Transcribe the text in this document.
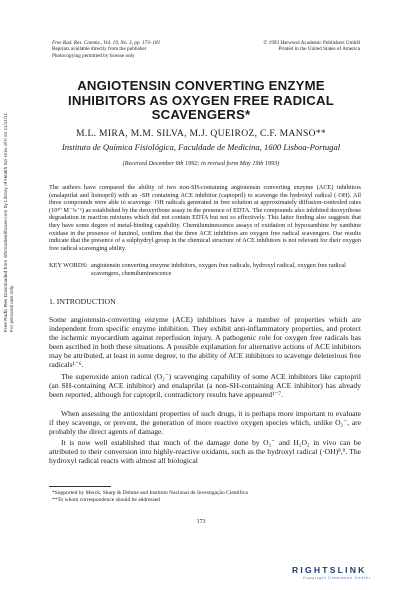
Free Rad. Res. Comms., Vol. 19, No. 3, pp. 173–181
Reprints available directly from the publisher
Photocopying permitted by license only
© 1993 Harwood Academic Publishers GmbH
Printed in the United States of America
ANGIOTENSIN CONVERTING ENZYME INHIBITORS AS OXYGEN FREE RADICAL SCAVENGERS*
M.L. MIRA, M.M. SILVA, M.J. QUEIROZ, C.F. MANSO**
Instituto de Química Fisiológica, Faculdade de Medicina, 1600 Lisboa-Portugal
(Received December 6th 1992; in revised form May 19th 1993)
The authors have compared the ability of two non-SH-containing angiotensin converting enzyme (ACE) inhibitors (enalaprilat and lisinopril) with an -SH containing ACE inhibitor (captopril) to scavenge the hydroxyl radical (·OH). All three compounds were able to scavenge ·OH radicals generated in free solution at approximately diffusion-controled rates (10¹⁰ M⁻¹s⁻¹) as established by the deoxyribose assay in the presence of EDTA. The compounds also inhibited deoxyribose degradation in reaction mixtures which did not contain EDTA but not so effectively. This latter finding also suggests that they have some degree of metal-binding capability. Chemiluminescence assays of oxidation of hypoxanthine by xanthine oxidase in the presence of luminol, confirm that the three ACE inhibitors are oxygen free radical scavengers. Our results indicate that the presence of a sulphydryl group in the chemical structure of ACE inhibitors is not relevant for their oxygen free radical scavenging ability.
KEY WORDS: angiotensin converting enzyme inhibitors, oxygen free radicals, hydroxyl radical, oxygen free radical scavengers, chemiluminescence
1. INTRODUCTION
Some angiotensin-converting enzyme (ACE) inhibitors have a number of properties which are independent from specific enzyme inhibition. They exhibit anti-inflammatory properties, and protect the ischemic myocardium against reperfusion injury. A pathogenic role for oxygen free radicals has been ascribed in both these situations. A possible explanation for alternative actions of ACE inhibitors may be attributed, at least in some degree, to the ability of ACE inhibitors to scavenge deleterious free radicals¹⁻⁶.
The superoxide anion radical (O₂⁻) scavenging capability of some ACE inhibitors like captopril (an SH-containing ACE inhibitor) and enalaprilat (a non-SH-containing ACE inhibitor) has already been reported, although for captopril, contradictory results have appeared¹⁻⁷.
When assessing the antioxidant properties of such drugs, it is perhaps more important to evaluate if they scavenge, or prevent, the generation of more reactive oxygen species which, unlike O₂⁻, are probably the direct agents of damage.
It is now well established that much of the damage done by O₂⁻ and H₂O₂ in vivo can be attributed to their conversion into highly-reactive oxidants, such as the hydroxyl radical (·OH)⁸,⁹. The hydroxyl radical reacts with almost all biological
*Supported by Merck, Sharp & Dohme and Instituto Nacional de Investigação Científica
**To whom correspondence should be addressed
173
Free Radic Res Downloaded from informahealthcare.com by Library of Health Sci-Univ of Il on 11/11/11 For personal use only.
RIGHTSLINK
Copyright Clearance Center
